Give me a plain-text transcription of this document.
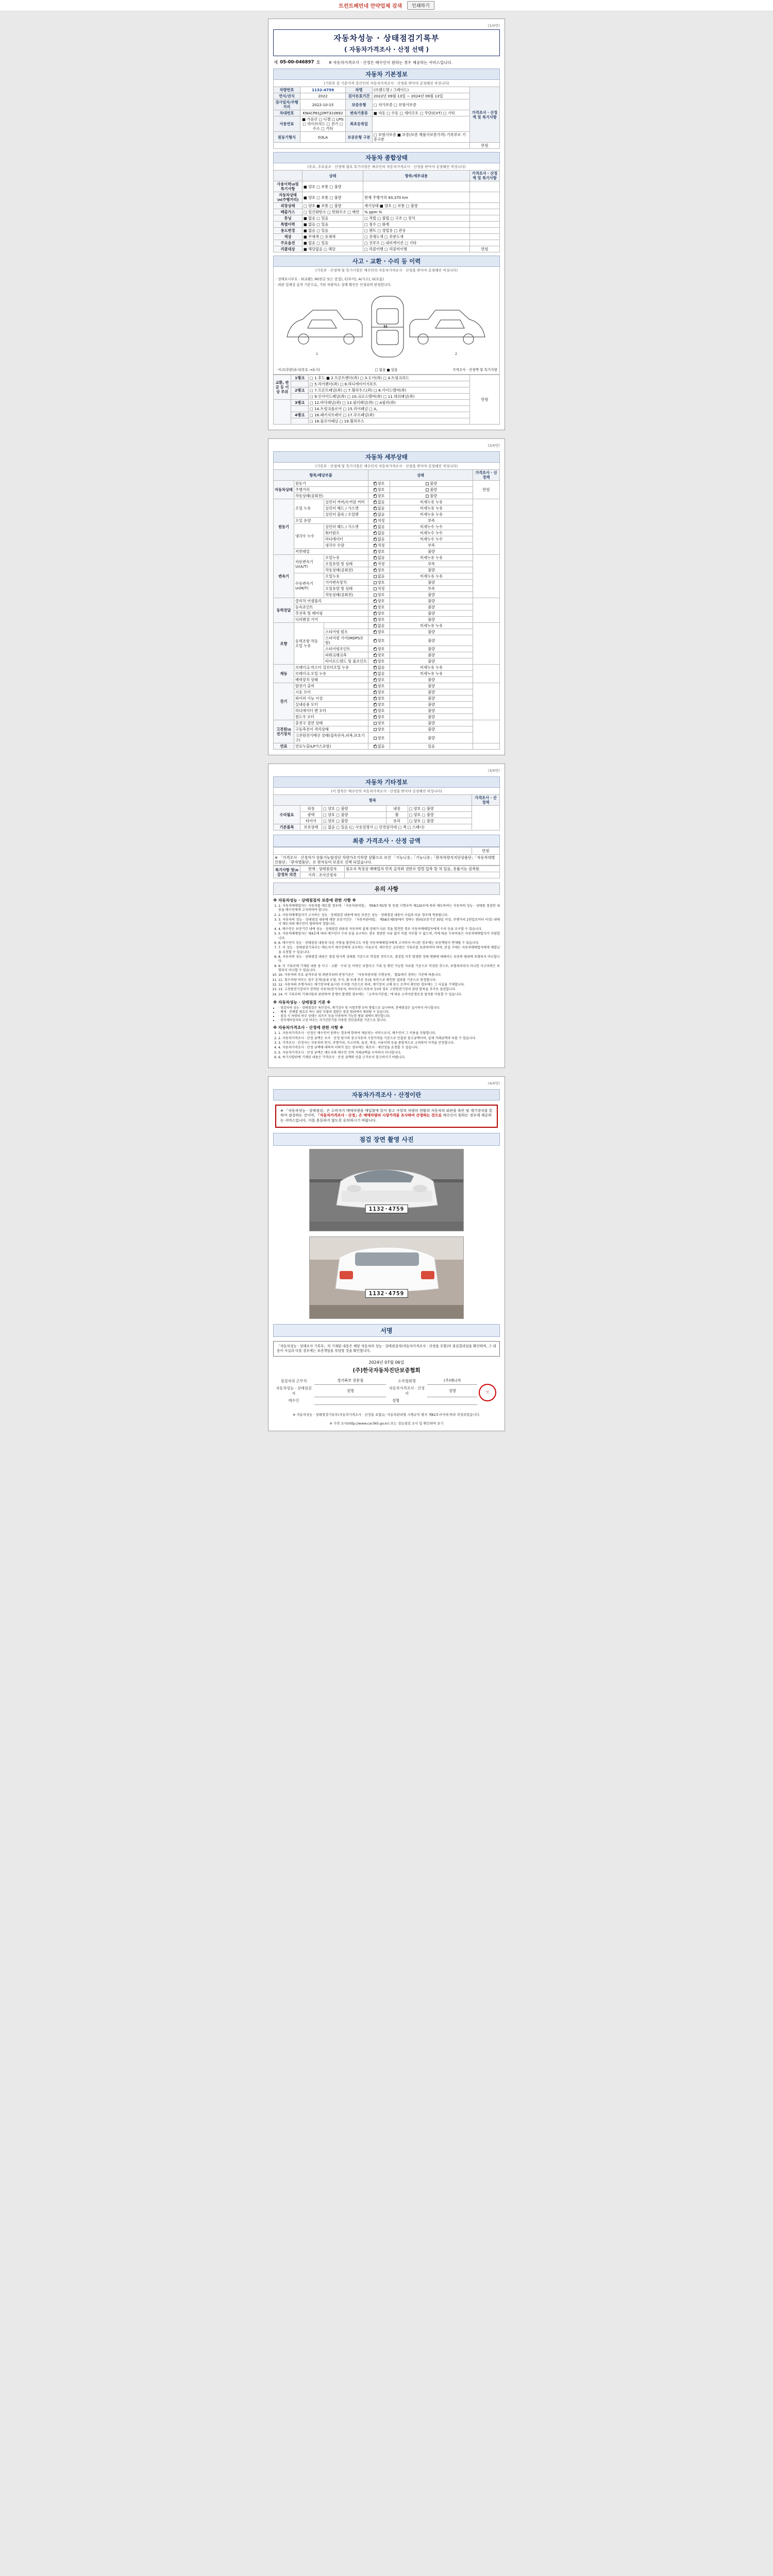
트컨트페먼네 만약업체 검색	인쇄하기
(1/4면)
자동차성능 · 상태점검기록부
( 자동차가격조사 · 산정 선택 )
제 05-00-046897 호 ※ 자동차가격조사 · 산정은 매수인이 원하는 경우 제공하는 서비스입니다.
자동차 기본정보
(기록부 중 기준가격 중산인의 자동차가격조사 · 산정을 받아야 공정해진 작성니다)
차량번호	1132-4759	차명	(브랜드명 / 그레이드)	가격조사 · 산정액 및 특기사항
연식/년식	2022	검사유효기간	2022년 09월 13일 ~ 2024년 09월 13일	
검사일자/주행거리	2022-10-15	보증유형	□ 자가보증 □ 보험사보증	
차대번호	KNACP81J2MT310692	변속기종류	■ 자동 □ 수동 □ 세미오토 □ 무단(CVT) □ 기타	
사용연료	■ 가솔린 □ 디젤 □ LPG □ 하이브리드 □ 전기 □ 수소 □ 기타	최초등록일		
원동기형식	G3LA	보증유형 구분	□ 보험사보증 ■ 보증(보증 제품사보증가격) 기록부로 기준구분	
				만원
자동차 종합상태
(주요, 주요골조 · 산정에 필요 특기사항은 매수인의 자동차가격조사 · 산정을 받아야 공정해진 작성니다)
	상태	항목/세부내용	가격조사 · 산정액 및 특기사항
사용이력\n및 특기사항	■ 양호 □ 보통 □ 불량		
자동차상태\n(주행거리)	■ 양호 □ 보통 □ 불량	현재 주행거리 93,370 km	
외장상태	□ 양호 ■ 보통 □ 불량	계기상태 ■ 양호 □ 보통 □ 불량	
배출가스	□ 일산화탄소 □ 탄화수소 □ 매연	% ppm %	
튜닝	■ 없음 □ 있음	□ 적법 □ 불법 □ 구조 □ 장치	
특별이력	■ 없음 □ 있음	□ 침수 □ 화재	
용도변경	■ 없음 □ 있음	□ 렌트 □ 영업용 □ 관용	
색상	■ 무채색 □ 유채색	□ 전체도색 □ 부분도색	
주요옵션	■ 없음 □ 있음	□ 선루프 □ 내비게이션 □ 기타	
리콜대상	■ 해당없음 □ 해당	□ 리콜이행 □ 리콜미이행	만원
사고 · 교환 · 수리 등 이력
(기록부 · 산정에 및 특기사항은 매수인의 자동차가격조사 · 산정을 받아야 공정해진 작성니다)
· 상태표시부호 : X(교환), W(판금 또는 용접), C(부식), A(사고), U(요흠)
· 외판 일체성 골격 기준으로, 기타 차량직소 상태 확인은 인정되며 판정합니다.
M
1	2
· 사고(무판)표시(부호 →표시)	□ 없음 ■ 있음	가격조사 · 산정액 및 특기사항
교환, 판금 등 이상 부위	1랭크	□ 1.후드 ■ 2.프론트펜더(좌) □ 3.도어(좌) □ 4.트렁크리드	만원
		□ 5.리어펜더(좌) □ 6.라디에이터서포트	
	2랭크	□ 7.프론트패널(좌) □ 7.휠하우스(좌) □ 8.사이드멤버(좌)	
		□ 9.인사이드패널(좌) □ 10.크로스멤버(좌) □ 11.대쉬패널(좌)	
	3랭크	□ 12.바닥패널(좌) □ 13.필러패널(좌) □ A필러(좌)	
		□ 14.트렁크플로어 □ 15.리어패널 □ A,	
	4랭크	□ 16.패키지트레이 □ 17.루프패널(좌)	
		□ 18.플로어패널 □ 19.휠하우스	
(2/4면)
자동차 세부상태
(기록부 · 산정에 및 특기사항은 매수인의 자동차가격조사 · 산정을 받아야 공정해진 작성니다)
항목/해당부품			상태		가격조사 · 산정액
자동차상태	원동기	✔양호	불량	만원
	주행거리	✔양호	불량	
	작동상태(공회전)	✔양호	불량	
원동기	오일 누유	실린더 커버/로커암 커버	✔없음	미세누유 누유	
		실린더 헤드 / 가스켓	✔없음	미세누유 누유	
		실린더 블록 / 오일팬	✔없음	미세누유 누유	
	오일 유량	✔적정	부족	
	냉각수 누수	실린더 헤드 / 가스켓	✔없음	미세누수 누수	
		워터펌프	✔없음	미세누수 누수	
		라디에이터	✔없음	미세누수 누수	
		냉각수 수량	✔적정	부족	
	커먼레일	✔양호	불량	
변속기	자동변속기\n(A/T)	오일누유	✔없음	미세누유 누유	
		오일유량 및 상태	✔적정	부족	
		작동상태(공회전)	✔양호	불량	
	수동변속기\n(M/T)	오일누유	없음	미세누유 누유	
		기어변속장치	양호	불량	
		오일유량 및 상태	적정	부족	
		작동상태(공회전)	양호	불량	
동력전달	클러치 어셈블리	✔양호	불량	
	등속죠인트	✔양호	불량	
	추진축 및 베어링	✔양호	불량	
	디퍼렌셜 기어	✔양호	불량	
조향	동력조향 작동 오일 누유		✔없음	미세누유 누유	
		스티어링 펌프	✔양호	불량	
		스티어링 기어(MDPS포함)	✔양호	불량	
		스티어링조인트	✔양호	불량	
		파워크랭크축	✔양호	불량	
		타이로드엔드 및 볼조인트	✔양호	불량	
제동	브레이크 마스터 실린더오일 누유	✔없음	미세누유 누유	
	브레이크 오일 누유	✔없음	미세누유 누유	
	배력장치 상태	✔양호	불량	
전기	발전기 출력	✔양호	불량	
	시동 모터	✔양호	불량	
	와이퍼 기능 이상	✔양호	불량	
	실내송풍 모터	✔양호	불량	
	라디에이터 팬 모터	✔양호	불량	
	윈도우 모터	✔양호	불량	
고전원\n전기장치	충전구 절연 상태		양호	불량	
	구동축전지 격리상태		양호	불량	
	고전원전기배선 상태(접속단자,피복,보호기구)		양호	불량	
연료	연료누출(LP가스포함)	✔없음	있음	
(3/4면)
자동차 기타정보
(이 항목은 매수인의 자동차가격조사 · 산정을 받아야 공정해진 작성니다)
항목					가격조사 · 산정액
수리필요	외장	□ 양호 □ 불량	내장	□ 양호 □ 불량	
	광택	□ 양호 □ 불량	휠	□ 양호 □ 불량	
	타이어	□ 양호 □ 불량	유리	□ 양호 □ 불량	
기본품목	보유상태	□ 없음 □ 있음 (□ 사용설명서 □ 안전삼각대 □ 잭 □ 스패너)			
최종 가격조사 · 산정 금액
	만원
※ 「가격조사 · 산정자가 상품가능합성단 차량가조기차량 상황으로 보건 「기능니용」「기능니용」「판자차량지지단상품단」「자동차대별산품단」「판자별품단」로 판자등비 보증로 선택 되었습니다.
특기사항 및\n감정차 의견	현재 : 상태점검자	필요자 특징상 매매업자 민족 골차와 권한로 렬렬 압축 할 차 있음, 용률기능 검축함.
	가격 : 조사산정자	
유의 사항
※ 자동차성능 · 상태점검자 보증에 관한 사항 ※
1. 1. 자동차매매업자는 자동차를 매도할 경우에 「자동차관리법」 제58조제1항 및 동법 시행규칙 제120조에 따라 매도하려는 자동차의 성능 · 상태를 점검한 내용을 매수인에게 고지하여야 합니다.
2. 2. 자동차매매업자가 고지하는 성능 · 상태점검 내용에 따른 보증은 성능 · 상태점검 내용이 사실과 다른 경우에 적용됩니다.
3. 3. 자동차의 성능 · 상태점검 내용에 대한 보증기간은 「자동차관리법」 제58조제5항에서 정하는 범위(보증기간 30일 이상, 주행거리 2천킬로미터 이상) 내에서 매도자와 매수인이 협의하여 정합니다.
4. 4. 매수인은 보증기간 내에 성능 · 상태점검 내용과 자동차의 실제 상태가 다른 것을 발견한 경우 자동차매매업자에게 수리 등을 요구할 수 있습니다.
5. 5. 자동차매매업자는 제4호에 따라 매수인이 수리 등을 요구하는 경우 정당한 사유 없이 이를 거부할 수 없으며, 이에 따른 수리비용은 자동차매매업자가 부담합니다.
6. 6. 매수인이 성능 · 상태점검 내용과 다른 사항을 발견하고도 이를 자동차매매업자에게 고지하지 아니한 경우에는 보증책임이 면제될 수 있습니다.
7. 7. 이 성능 · 상태점검기록부는 매도자가 매수인에게 교부하는 서류로서, 매수인은 교부받은 기록부를 보관하여야 하며, 분실 시에는 자동차매매업자에게 재발급을 요청할 수 있습니다.
8. 8. 자동차의 성능 · 상태점검 내용은 점검 당시의 상태를 기준으로 작성된 것이므로, 점검일 이후 발생한 상태 변화에 대해서는 보증의 범위에 포함되지 아니합니다.
9. 9. 이 기록부에 기재된 내용 중 사고 · 교환 · 수리 등 이력은 보험사고 기록 등 확인 가능한 자료를 기준으로 작성된 것으로, 보험처리되지 아니한 사고이력은 포함되지 아니할 수 있습니다.
10. 10. 자동차의 주요 골격부위 및 외판부위의 판정기준은 「자동차관리법 시행규칙」 별표에서 정하는 기준에 따릅니다.
11. 11. 침수차량 여부는 침수 흔적(실내 오염, 부식, 흙·모래 잔존 등)을 육안으로 확인한 결과를 기준으로 판정합니다.
12. 12. 자동차의 주행거리는 계기장치에 표시된 수치를 기준으로 하며, 계기장치 교체 또는 조작이 확인된 경우에는 그 사실을 기재합니다.
13. 13. 고전원전기장치가 장착된 자동차(전기자동차, 하이브리드자동차 등)의 경우 고전원전기장치 관련 항목을 추가로 점검합니다.
14. 14. 이 기록부의 기재사항과 관련하여 분쟁이 발생한 경우에는 「소비자기본법」에 따른 소비자분쟁조정 절차를 이용할 수 있습니다.
※ 자동차성능 · 상태점검 기준 ※
• · 점검자의 성능 · 상태점검은 육안검사, 계기검사 및 시험주행 등의 방법으로 실시하며, 분해점검은 실시하지 아니합니다.
• · 해체 · 분해를 필요로 하는 내부 부품의 결함은 점검 범위에서 제외될 수 있습니다.
• · 점검 시 차량의 하부 상태는 리프트 등을 이용하여 가능한 범위 내에서 확인합니다.
• · 전자제어장치의 고장 여부는 자기진단기를 이용한 진단결과를 기준으로 합니다.
※ 자동차가격조사 · 산정에 관한 사항 ※
1. 1. 자동차가격조사 · 산정은 매수인이 원하는 경우에 한하여 제공되는 서비스로서, 매수인이 그 비용을 부담합니다.
2. 2. 자동차가격조사 · 산정 금액은 조사 · 산정 당시의 중고자동차 시장가격을 기준으로 산출된 참고금액이며, 실제 거래금액과 다를 수 있습니다.
3. 3. 가격조사 · 산정자는 자동차의 연식, 주행거리, 사고이력, 옵션, 색상, 사용이력 등을 종합적으로 고려하여 가격을 산정합니다.
4. 4. 자동차가격조사 · 산정 금액에 대하여 이의가 있는 경우에는 재조사 · 재산정을 요청할 수 있습니다.
5. 5. 자동차가격조사 · 산정 금액은 매도자와 매수인 간의 거래금액을 구속하지 아니합니다.
6. 6. 특기사항란에 기재된 내용은 가격조사 · 산정 금액의 산출 근거로서 참고하시기 바랍니다.
(4/4면)
자동차가격조사 · 산정이란
※ 「자동차성능 · 상태점검」은 소비자가 매매차량을 매입함에 있어 참고 사항의 차량의 현황과 자동차의 외관을 육안 및 계기장치를 통하여 점검하는 것이며, 「자동차가격조사 · 산정」은 매매차량의 시장가격을 조사하여 산정하는 것으로 매수인이 원하는 경우에 제공하는 서비스입니다. 이를 혼동하지 않도록 유의하시기 바랍니다.
점검 장면 촬영 사진
1132·4759
1132·4759
서명
「자동차성능 · 상태조사 기록부」의 기재된 내용은 해당 자동차의 성능 · 상태점검자(자동차가격조사 · 산정을 포함)의 점검결과임을 확인하며, 그 내용이 사실과 다를 경우에는 보증책임을 부담할 것을 확인합니다.
2024년 07월 06일
(주)한국자동차진단보증협회
점검자의 근무처	경기북부 전문점	소속협회명	(주)매니카	인

자동차성능 · 상태점검자	성명	자동차가격조사 · 산정자	성명	
매수인	성명			

※ 자동차성능 · 상태점검기록부(자동차가격조사 · 산정을 포함)는 자동차관리법 시행규칙 별지 제82호서식에 따라 작성되었습니다.
※ 가격 조사(http://www.car365.go.kr) 또는 성능점검 조사 및 확인하여 보기
